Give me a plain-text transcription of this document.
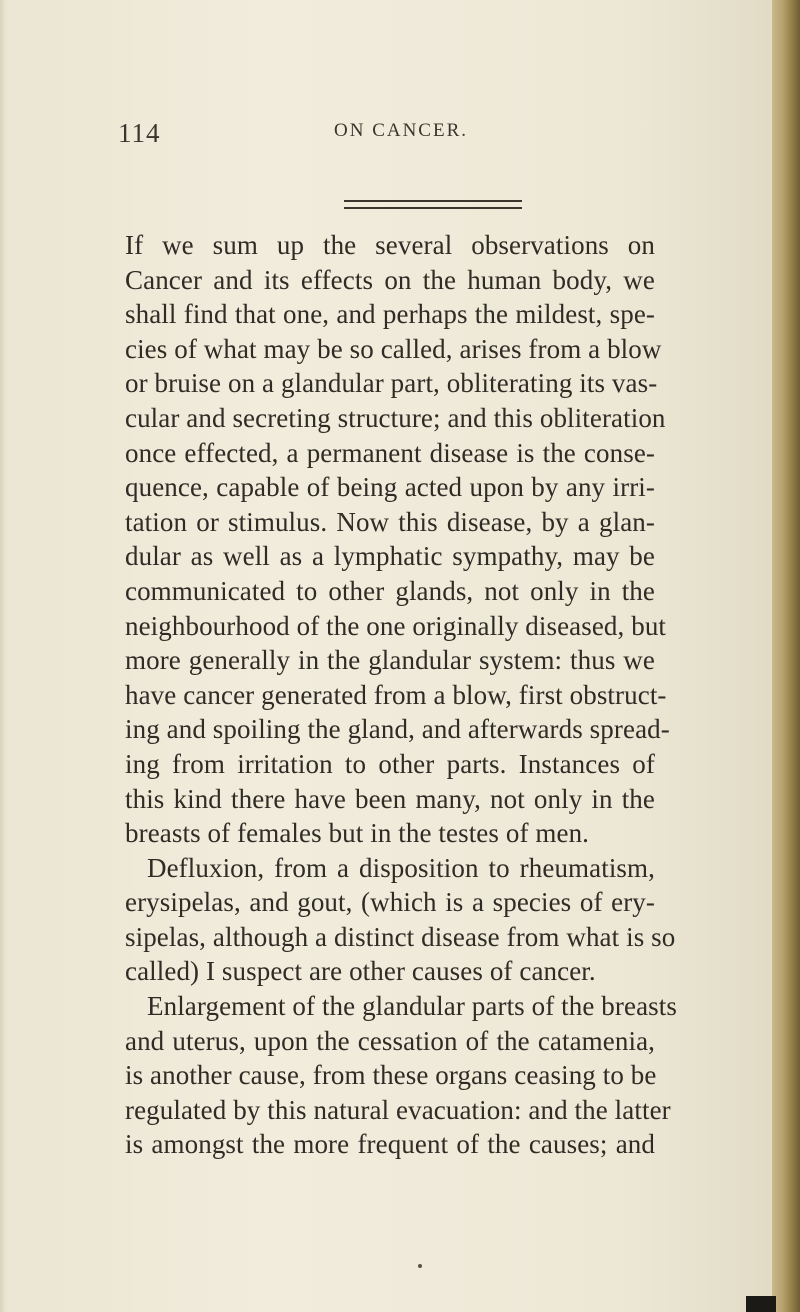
114	ON CANCER.
If we sum up the several observations on
Cancer and its effects on the human body, we
shall find that one, and perhaps the mildest, spe-
cies of what may be so called, arises from a blow
or bruise on a glandular part, obliterating its vas-
cular and secreting structure; and this obliteration
once effected, a permanent disease is the conse-
quence, capable of being acted upon by any irri-
tation or stimulus. Now this disease, by a glan-
dular as well as a lymphatic sympathy, may be
communicated to other glands, not only in the
neighbourhood of the one originally diseased, but
more generally in the glandular system: thus we
have cancer generated from a blow, first obstruct-
ing and spoiling the gland, and afterwards spread-
ing from irritation to other parts. Instances of
this kind there have been many, not only in the
breasts of females but in the testes of men.
Defluxion, from a disposition to rheumatism,
erysipelas, and gout, (which is a species of ery-
sipelas, although a distinct disease from what is so
called) I suspect are other causes of cancer.
Enlargement of the glandular parts of the breasts
and uterus, upon the cessation of the catamenia,
is another cause, from these organs ceasing to be
regulated by this natural evacuation: and the latter
is amongst the more frequent of the causes; and
